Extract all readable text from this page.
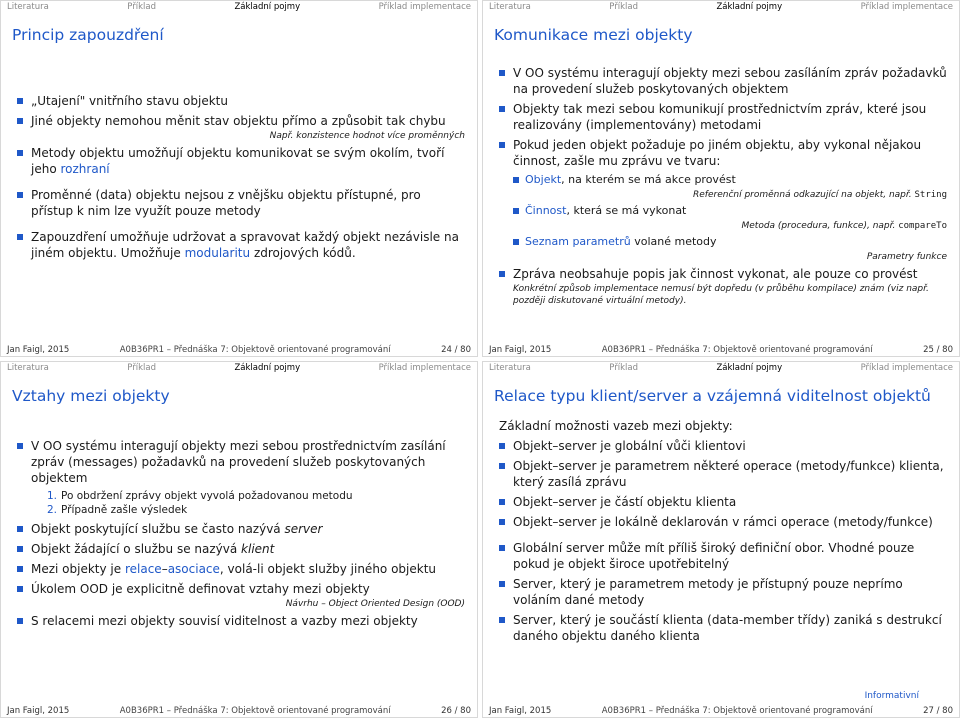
Literatura	Příklad	Základní pojmy	Příklad implementace
Princip zapouzdření
„Utajení" vnitřního stavu objektu
Jiné objekty nemohou měnit stav objektu přímo a způsobit tak chybu
Např. konzistence hodnot více proměnných
Metody objektu umožňují objektu komunikovat se svým okolím, tvoří jeho rozhraní
Proměnné (data) objektu nejsou z vnějšku objektu přístupné, pro přístup k nim lze využít pouze metody
Zapouzdření umožňuje udržovat a spravovat každý objekt nezávisle na jiném objektu. Umožňuje modularitu zdrojových kódů.
Jan Faigl, 2015	A0B36PR1 – Přednáška 7: Objektově orientované programování	24 / 80
Literatura	Příklad	Základní pojmy	Příklad implementace
Komunikace mezi objekty
V OO systému interagují objekty mezi sebou zasíláním zpráv požadavků na provedení služeb poskytovaných objektem
Objekty tak mezi sebou komunikují prostřednictvím zpráv, které jsou realizovány (implementovány) metodami
Pokud jeden objekt požaduje po jiném objektu, aby vykonal nějakou činnost, zašle mu zprávu ve tvaru:
Objekt, na kterém se má akce provést
Referenční proměnná odkazující na objekt, např. String
Činnost, která se má vykonat
Metoda (procedura, funkce), např. compareTo
Seznam parametrů volané metody
Parametry funkce
Zpráva neobsahuje popis jak činnost vykonat, ale pouze co provést
Konkrétní způsob implementace nemusí být dopředu (v průběhu kompilace) znám (viz např. později diskutované virtuální metody).
Jan Faigl, 2015	A0B36PR1 – Přednáška 7: Objektově orientované programování	25 / 80
Literatura	Příklad	Základní pojmy	Příklad implementace
Vztahy mezi objekty
V OO systému interagují objekty mezi sebou prostřednictvím zasílání zpráv (messages) požadavků na provedení služeb poskytovaných objektem
1. Po obdržení zprávy objekt vyvolá požadovanou metodu
2. Případně zašle výsledek
Objekt poskytující službu se často nazývá server
Objekt žádající o službu se nazývá klient
Mezi objekty je relace–asociace, volá-li objekt služby jiného objektu
Úkolem OOD je explicitně definovat vztahy mezi objekty
Návrhu – Object Oriented Design (OOD)
S relacemi mezi objekty souvisí viditelnost a vazby mezi objekty
Jan Faigl, 2015	A0B36PR1 – Přednáška 7: Objektově orientované programování	26 / 80
Literatura	Příklad	Základní pojmy	Příklad implementace
Relace typu klient/server a vzájemná viditelnost objektů
Základní možnosti vazeb mezi objekty:
Objekt–server je globální vůči klientovi
Objekt–server je parametrem některé operace (metody/funkce) klienta, který zasílá zprávu
Objekt–server je částí objektu klienta
Objekt–server je lokálně deklarován v rámci operace (metody/funkce)
Globální server může mít příliš široký definiční obor. Vhodné pouze pokud je objekt široce upotřebitelný
Server, který je parametrem metody je přístupný pouze neprímo voláním dané metody
Server, který je součástí klienta (data-member třídy) zaniká s destrukcí daného objektu daného klienta
Informativní
Jan Faigl, 2015	A0B36PR1 – Přednáška 7: Objektově orientované programování	27 / 80
